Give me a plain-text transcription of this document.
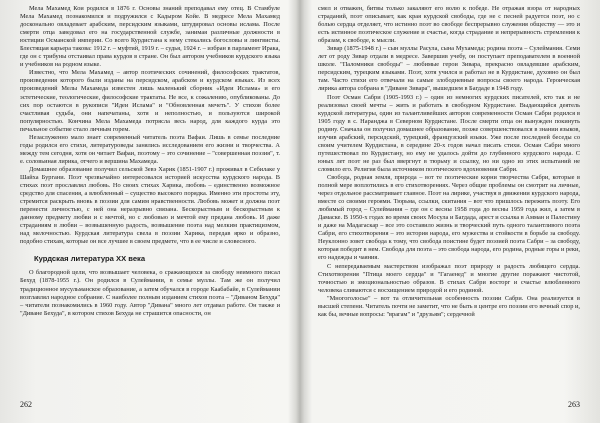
Мела Махамед Кои родился в 1876 г. Основы знаний преподавал ему отец. В Стамбуле Мела Махамед познакомился и подружился с Кадыром Койе. В медресе Мела Махамед досконально овладевает арабским, персидским языками, штудировал основы ислама. После смерти отца заведовал его на государственной службе, занимая различные должности в юстиции Османской империи. Со всего Курдистана к нему стекались богословы и лингвисты. Блестящая карьера такова: 1912 г. – муфтий, 1919 г. – судья, 1924 г. – избран в парламент Ирака, где он с трибуны отстаивал права курдов в стране. Он был автором учебников курдского языка и учебников на родном языке.

Известно, что Мела Махамед – автор поэтических сочинений, философских трактатов, произведения которого были изданы на персидском, арабском и курдском языках. Из всех произведений Мелы Махамеда известен лишь маленький сборник «Идеи Ислама» и его эстетические, теологические, философские трактаты. Не все, к сожалению, опубликованы. До сих пор остаются в рукописи "Идеи Ислама" и "Обновленная мечеть". У стихов более счастливая судьба, они напечатаны, хотя и неполностью, и пользуются широкой популярностью. Кончина Мела Махамеда потрясла весь народ, для каждого курда это печальное событие стало личным горем.

Незаслуженно мало знает современный читатель поэта Вафаи. Лишь в семье последние годы родился его стихи, литературоведы занялись исследованием его жизни и творчества. А между тем сегодня, хотя он читает Вафаи, поэтому – это сочинение – "совершенная поэзия", т. е. соловьиная лирика, отчего и вершина Махамеда.

Домашнее образование получил сельской Зевэ Харик (1851-1907 г.) проживал в Себилаке у Шайха Бургани. Поэт чрезвычайно интересовался историей искусства курдского народа. В стихах поэт прославлял любовь. Но своих стихах Харика, любовь – единственно возможное средство для спасения, а влюбленный – существо высокого порядка. Именно эти простоты эту, стремится раскрыть вновь в поэзии для самим нравственности. Любовь может и должна поэт перенести личностью, с ней она неразрывно связана. Бескорыстным и бескорыстным к данному предмету любви и с мечтой, но с любовью и мечтой ему предана любовь. И даже страданиям в любви – возвышенную радость, возвышение поэта над мелким практицизмом, над мелочностью. Курдская литература свела в поэзии Харика, передав ярко и образно, подобно стихам, которые он все лучшее в своем предмете, что в ее числе и словесного.

Курдская литература XX века

О благородной цели, что возвышает человека, о сражающихся за свободу неимного писал Бехуд (1878-1955 г.). Он родился в Сулеймании, в семье муллы. Там же он получил традиционное мусульманское образование, а затем обучался в городе Каабабайе, в Сулеймании возглавлял народное собрание. С наиболее полным изданием стихов поэта – "Диваном Бехуда" – читатели познакомились в 1960 году. Автор "Дивана" много лет отдавал работе. Он также и "Диване Бехуда", в котором стихов Бехуда не страшится опасности, он

262

смел и отважен, битвы только закаляют его волю к победе. Не отражая взора от народных страданий, поэт описывает, как края курдской свободы, где не с песней радуется поэт, но с болью сердца отделяет, что истинно поэт во свободе беспрерывно служения обществу — это и есть истинное поэтическое служение и счастье, когда страдание и непрерывность стремления к образам, к свободе, к мысли.

Зивар (1875-1948 г.) – сын муллы Расула, сына Мухамеда; родина поэта – Сулеймания. Семи лет от роду Зивар отдали в медресе. Завершив учебу, он поступает преподавателем в военной школе. "Паломники свободы" – любимые герои Зивара, прекрасно овладевшие арабским, персидским, турецким языками. Поэт, хотя учился и работал не в Курдистане, духовно он был там. Часто стихи его отвечали на самые злободневные вопросы своего народа. Героическая лирика автора собрана в "Диване Зивара", вышедшем в Багдаде в 1948 году.

Поэт Осман Сабри (1905-1993 г.) – один из немногих курдских писателей, кто так и не реализовал своей мечты – жить и работать в свободном Курдистане. Выдающийся деятель курдской литературы, один из талантливейших авторов современности Осман Сабри родился в 1905 году в с. Наранджа в Северном Курдистане. После смерти отца он вынужден покинуть родину. Сначала он получил домашнее образование, позже совершенствовался в знании языков, изучив арабский, персидский, турецкий, французский языки. Уже после последней беседы со своим учителем Курдистана, в середине 20-х годов начал писать стихи. Осман Сабри много путешествовал по Курдистану, но ему не удалось дойти до глубинного курдского народа. С юных лет поэт не раз был ввергнут в тюрьму и ссылку, но ни одно из этих испытаний не сломило его. Религия была источником поэтического вдохновения Сабри.

Свобода, родная земля, природа – вот те поэтические корни творчества Сабри, которые в полной мере воплотились в его стихотворениях. Через общие проблемы он смотрит на личные, через отдельное рассматривает главное. Поэт на лирике, участвуя в движении курдского народа, вместе со своими героями. Тюрьма, ссылки, скитания – вот что пришлось пережить поэту. Его любимый город – Сулеймания – где он с весны 1958 года до весны 1959 года жил, а затем в Дамаске. В 1950-х годах во время своих Мосула и Багдада, арест и ссылка в Амман и Палестину и даже на Мадагаскар – все это составило жизнь и творческий путь одного талантливого поэта Сабри, его стихотворения – это история народа, его мужества и стойкости в борьбе за свободу. Неуклонно зовет свобода к тому, что свобода поистине будет поэзией поэта Сабри – за свободу, которая победит в нем. Свобода для поэта – это свобода народа, его родина, родные горы и реки, его надежды и чаяния.

С непередаваемым мастерством изображал поэт природу и радость любящего сердца. Стихотворения "Птица моего сердца" и "Гагаенед" и многие другие поражают чистотой, точностью и эмоциональностью образов. В стихах Сабри восторг и счастье влюбленного человека сливаются с восхищением природой и его родиной.

"Многоголосье" – вот та отличительная особенность поэзии Сабри. Она реализуется в высшей степени. Читатель почти не заметит, что не быть в центре его поэзии его вечный спор и, как бы, вечные вопросы: "врагам" и "друзьям"; сердечной

263
